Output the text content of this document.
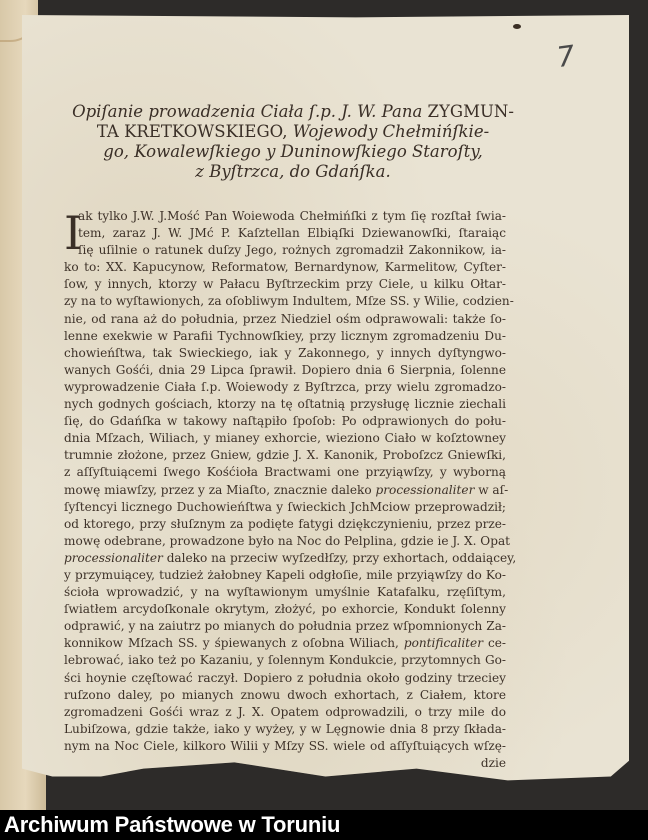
7
Opiſanie prowadzenia Ciała ſ.p. J. W. Pana ZYGMUN-
TA KRETKOWSKIEGO, Wojewody Chełmińſkie-
go, Kowalewſkiego y Duninowſkiego Staroſty,
z Byſtrzca, do Gdańſka.
I
ak tylko J.W. J.Mość Pan Woiewoda Chełmińſki z tym ſię rozſtał ſwia-
tem, zaraz J. W. JMć P. Kaſztellan Elbiąſki Dziewanowſki, ſtaraiąc
ſię uſilnie o ratunek duſzy Jego, rożnych zgromadził Zakonnikow, ia-
ko to: XX. Kapucynow, Reformatow, Bernardynow, Karmelitow, Cyſter-
ſow, y innych, ktorzy w Pałacu Byſtrzeckim przy Ciele, u kilku Ołtar-
zy na to wyſtawionych, za oſobliwym Indultem, Mſze SS. y Wilie, codzien-
nie, od rana aż do południa, przez Niedziel ośm odprawowali: także ſo-
lenne exekwie w Parafii Tychnowſkiey, przy licznym zgromadzeniu Du-
chowieńſtwa, tak Swieckiego, iak y Zakonnego, y innych dyſtyngwo-
wanych Gośći, dnia 29 Lipca ſprawił. Dopiero dnia 6 Sierpnia, ſolenne
wyprowadzenie Ciała ſ.p. Woiewody z Byſtrzca, przy wielu zgromadzo-
nych godnych gościach, ktorzy na tę oſtatnią przysługę licznie ziechali
ſię, do Gdańſka w takowy naſtąpiło ſpoſob: Po odprawionych do połu-
dnia Mſzach, Wiliach, y mianey exhorcie, wieziono Ciało w koſztowney
trumnie złożone, przez Gniew, gdzie J. X. Kanonik, Proboſzcz Gniewſki,
z aſſyſtuiącemi ſwego Kośćioła Bractwami one przyiąwſzy, y wyborną
mowę miawſzy, przez y za Miaſto, znacznie daleko processionaliter w aſ-
ſyſtencyi licznego Duchowieńſtwa y ſwieckich JchMciow przeprowadził;
od ktorego, przy słuſznym za podięte fatygi dziękczynieniu, przez prze-
mowę odebrane, prowadzone było na Noc do Pelplina, gdzie ie J. X. Opat
processionaliter daleko na przeciw wyſzedłſzy, przy exhortach, oddaiącey,
y przymuiącey, tudzież żałobney Kapeli odgłoſie, mile przyiąwſzy do Ko-
ścioła wprowadzić, y na wyſtawionym umyślnie Katafalku, rzęſiſtym,
ſwiatłem arcydoſkonale okrytym, złożyć, po exhorcie, Kondukt ſolenny
odprawić, y na zaiutrz po mianych do południa przez wſpomnionych Za-
konnikow Mſzach SS. y śpiewanych z oſobna Wiliach, pontificaliter ce-
lebrować, iako też po Kazaniu, y ſolennym Kondukcie, przytomnych Go-
ści hoynie częſtować raczył. Dopiero z południa około godziny trzeciey
ruſzono daley, po mianych znowu dwoch exhortach, z Ciałem, ktore
zgromadzeni Gośći wraz z J. X. Opatem odprowadzili, o trzy mile do
Lubiſzowa, gdzie także, iako y wyżey, y w Lęgnowie dnia 8 przy ſkłada-
nym na Noc Ciele, kilkoro Wilii y Mſzy SS. wiele od aſſyſtuiących wſzę-
dzie
Archiwum Państwowe w Toruniu
